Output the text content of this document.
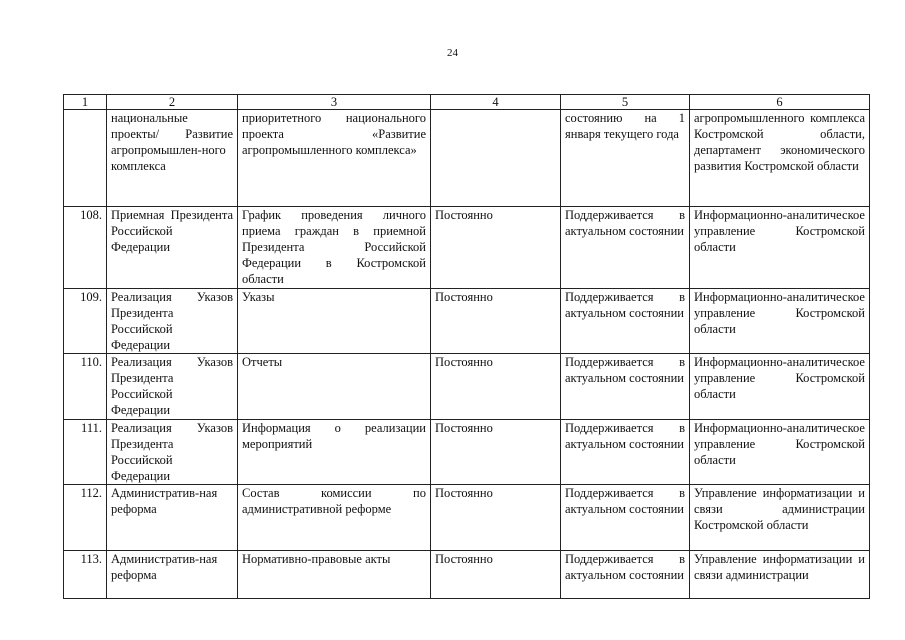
24
1	2	3	4	5	6
	национальные проекты/ Развитие агропромышлен-ного комплекса	приоритетного национального проекта «Развитие агропромышленного комплекса»		состоянию на 1 января текущего года	агропромышленного комплекса Костромской области, департамент экономического развития Костромской области
108.	Приемная Президента Российской Федерации	График проведения личного приема граждан в приемной Президента Российской Федерации в Костромской области	Постоянно	Поддерживается в актуальном состоянии	Информационно-аналитическое управление Костромской области
109.	Реализация Указов Президента Российской Федерации	Указы	Постоянно	Поддерживается в актуальном состоянии	Информационно-аналитическое управление Костромской области
110.	Реализация Указов Президента Российской Федерации	Отчеты	Постоянно	Поддерживается в актуальном состоянии	Информационно-аналитическое управление Костромской области
111.	Реализация Указов Президента Российской Федерации	Информация о реализации мероприятий	Постоянно	Поддерживается в актуальном состоянии	Информационно-аналитическое управление Костромской области
112.	Административ-ная реформа	Состав комиссии по административной реформе	Постоянно	Поддерживается в актуальном состоянии	Управление информатизации и связи администрации Костромской области
113.	Административ-ная реформа	Нормативно-правовые акты	Постоянно	Поддерживается в актуальном состоянии	Управление информатизации и связи администрации
